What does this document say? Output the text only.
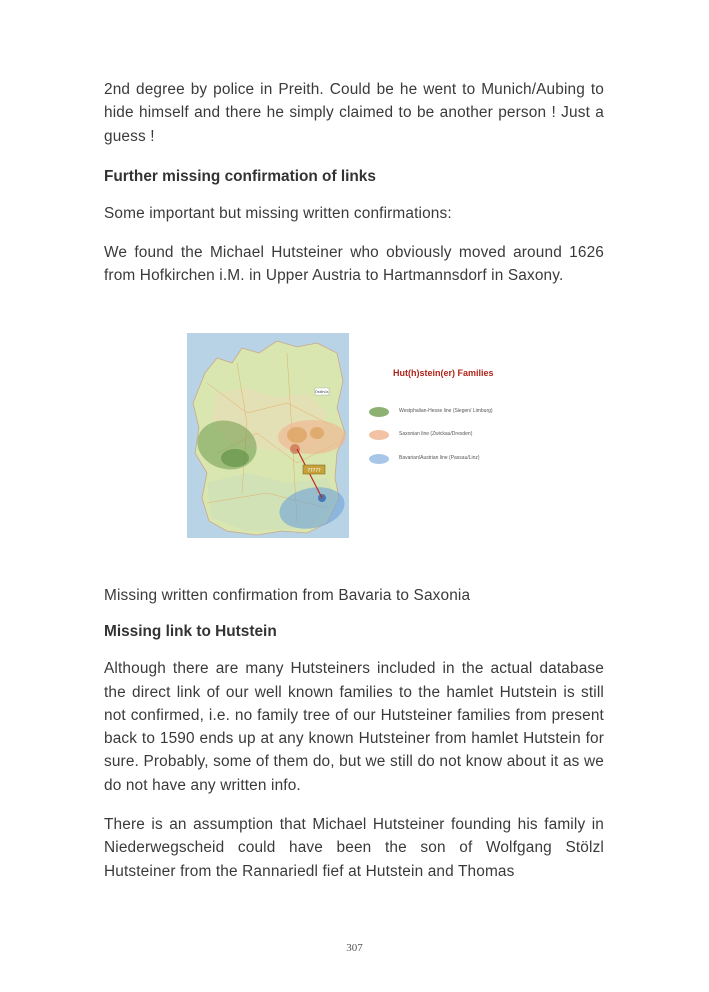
2nd degree by police in Preith. Could be he went to Munich/Aubing to hide himself and there he simply claimed to be another person ! Just a guess !

Further missing confirmation of links

Some important but missing written confirmations:

We found the Michael Hutsteiner who obviously moved around 1626 from Hofkirchen i.M. in Upper Austria to Hartmannsdorf in Saxony.

?????
Ostthür.
Hut(h)stein(er) Families
Westphalian-Hesse line (Siegen/ Limburg)
Saxonian line (Zwickau/Dresden)
Bavarian/Austrian line (Passau/Linz)

Missing written confirmation from Bavaria to Saxonia

Missing link to Hutstein

Although there are many Hutsteiners included in the actual database the direct link of our well known families to the hamlet Hutstein is still not confirmed, i.e. no family tree of our Hutsteiner families from present back to 1590 ends up at any known Hutsteiner from hamlet Hutstein for sure. Probably, some of them do, but we still do not know about it as we do not have any written info.

There is an assumption that Michael Hutsteiner founding his family in Niederwegscheid could have been the son of Wolfgang Stölzl Hutsteiner from the Rannariedl fief at Hutstein and Thomas

307
